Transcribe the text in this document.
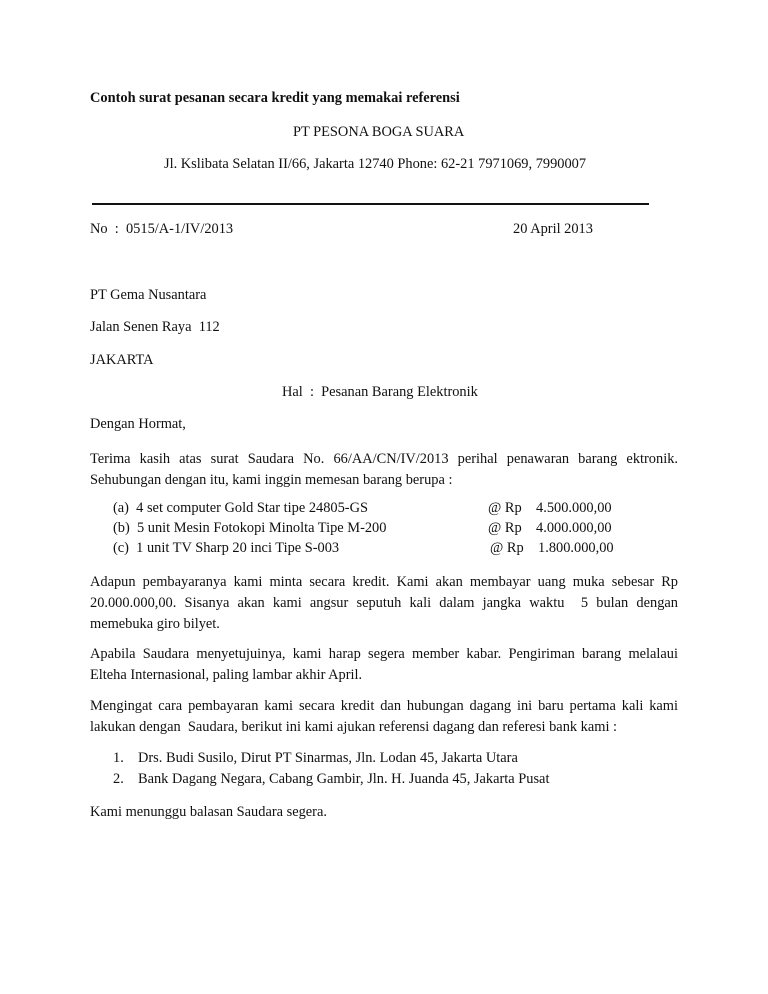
Contoh surat pesanan secara kredit yang memakai referensi
PT PESONA BOGA SUARA
Jl. Kslibata Selatan II/66, Jakarta 12740 Phone: 62-21 7971069, 7990007
No  :  0515/A-1/IV/2013	20 April 2013
PT Gema Nusantara
Jalan Senen Raya  112
JAKARTA
Hal  :  Pesanan Barang Elektronik
Dengan Hormat,
Terima kasih atas surat Saudara No. 66/AA/CN/IV/2013 perihal penawaran barang ektronik. Sehubungan dengan itu, kami inggin memesan barang berupa :
(a)  4 set computer Gold Star tipe 24805-GS	@ Rp    4.500.000,00
(b)  5 unit Mesin Fotokopi Minolta Tipe M-200	@ Rp    4.000.000,00
(c)  1 unit TV Sharp 20 inci Tipe S-003	@ Rp    1.800.000,00
Adapun pembayaranya kami minta secara kredit. Kami akan membayar uang muka sebesar Rp 20.000.000,00. Sisanya akan kami angsur seputuh kali dalam jangka waktu  5 bulan dengan memebuka giro bilyet.
Apabila Saudara menyetujuinya, kami harap segera member kabar. Pengiriman barang melalaui Elteha Internasional, paling lambar akhir April.
Mengingat cara pembayaran kami secara kredit dan hubungan dagang ini baru pertama kali kami lakukan dengan  Saudara, berikut ini kami ajukan referensi dagang dan referesi bank kami :
1. Drs. Budi Susilo, Dirut PT Sinarmas, Jln. Lodan 45, Jakarta Utara
2. Bank Dagang Negara, Cabang Gambir, Jln. H. Juanda 45, Jakarta Pusat
Kami menunggu balasan Saudara segera.
